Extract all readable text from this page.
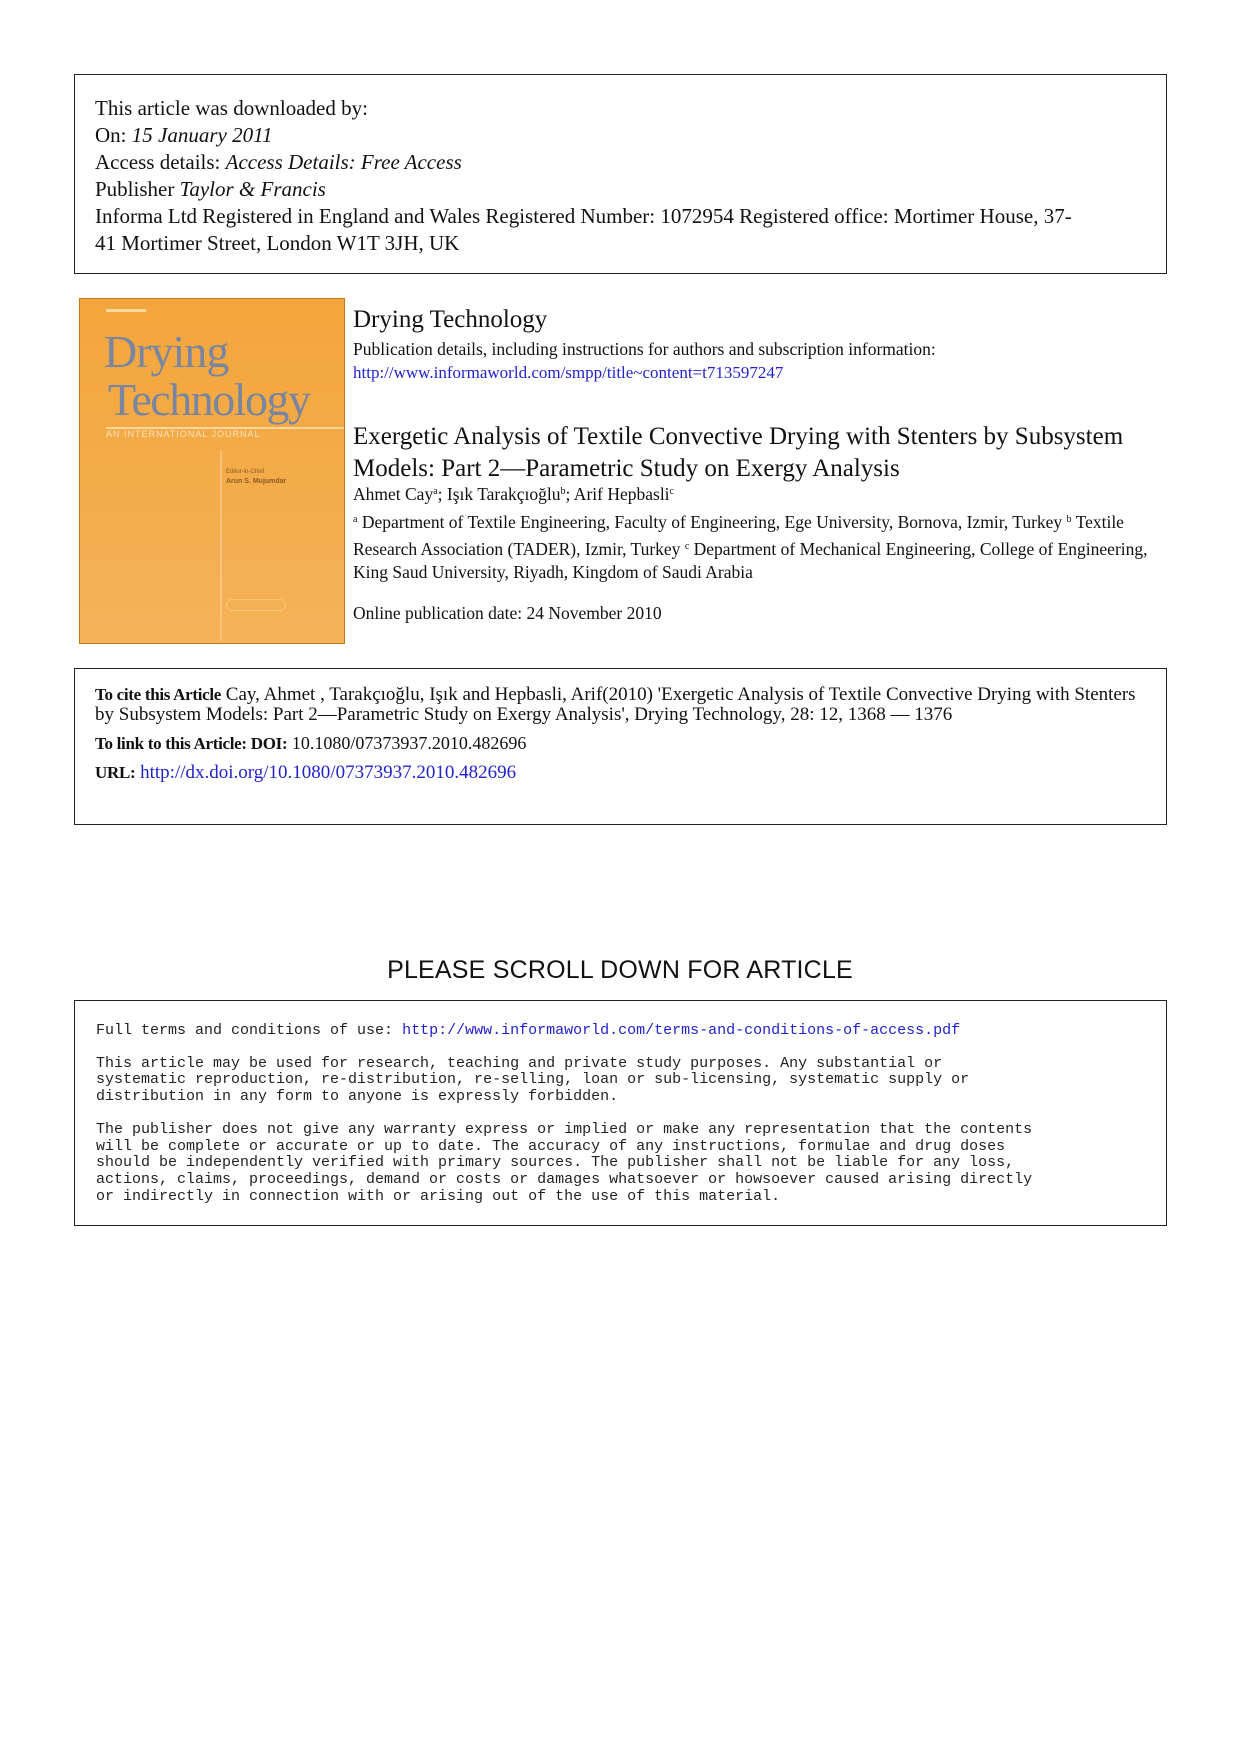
This article was downloaded by:
On: 15 January 2011
Access details: Access Details: Free Access
Publisher Taylor & Francis
Informa Ltd Registered in England and Wales Registered Number: 1072954 Registered office: Mortimer House, 37-
41 Mortimer Street, London W1T 3JH, UK
Drying
Technology
AN INTERNATIONAL JOURNAL
Editor-in-Chief
Arun S. Mujumdar
Drying Technology
Publication details, including instructions for authors and subscription information:
http://www.informaworld.com/smpp/title~content=t713597247
Exergetic Analysis of Textile Convective Drying with Stenters by Subsystem Models: Part 2—Parametric Study on Exergy Analysis
Ahmet Cay$^a$; Işık Tarakçıoğlu$^b$; Arif Hepbasli$^c$
$^a$ Department of Textile Engineering, Faculty of Engineering, Ege University, Bornova, Izmir, Turkey $^b$ Textile Research Association (TADER), Izmir, Turkey $^c$ Department of Mechanical Engineering, College of Engineering, King Saud University, Riyadh, Kingdom of Saudi Arabia
Online publication date: 24 November 2010
To cite this Article Cay, Ahmet , Tarakçıoğlu, Işık and Hepbasli, Arif(2010) 'Exergetic Analysis of Textile Convective Drying with Stenters by Subsystem Models: Part 2—Parametric Study on Exergy Analysis', Drying Technology, 28: 12, 1368 — 1376
To link to this Article: DOI: 10.1080/07373937.2010.482696
URL: http://dx.doi.org/10.1080/07373937.2010.482696
PLEASE SCROLL DOWN FOR ARTICLE
Full terms and conditions of use: http://www.informaworld.com/terms-and-conditions-of-access.pdf
This article may be used for research, teaching and private study purposes. Any substantial or
systematic reproduction, re-distribution, re-selling, loan or sub-licensing, systematic supply or
distribution in any form to anyone is expressly forbidden.
The publisher does not give any warranty express or implied or make any representation that the contents
will be complete or accurate or up to date. The accuracy of any instructions, formulae and drug doses
should be independently verified with primary sources. The publisher shall not be liable for any loss,
actions, claims, proceedings, demand or costs or damages whatsoever or howsoever caused arising directly
or indirectly in connection with or arising out of the use of this material.
